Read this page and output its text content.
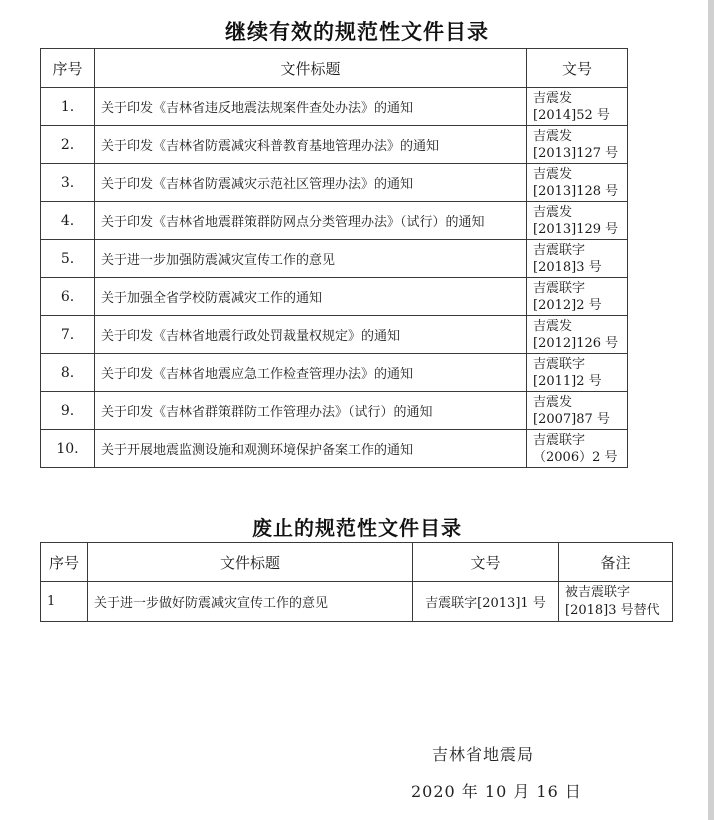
继续有效的规范性文件目录
序号	文件标题	文号
1.	关于印发《吉林省违反地震法规案件查处办法》的通知	吉震发
[2014]52 号

2.	关于印发《吉林省防震减灾科普教育基地管理办法》的通知	吉震发
[2013]127 号

3.	关于印发《吉林省防震减灾示范社区管理办法》的通知	吉震发
[2013]128 号

4.	关于印发《吉林省地震群策群防网点分类管理办法》（试行）的通知	吉震发
[2013]129 号

5.	关于进一步加强防震减灾宣传工作的意见	吉震联字
[2018]3 号

6.	关于加强全省学校防震减灾工作的通知	吉震联字
[2012]2 号

7.	关于印发《吉林省地震行政处罚裁量权规定》的通知	吉震发
[2012]126 号

8.	关于印发《吉林省地震应急工作检查管理办法》的通知	吉震联字
[2011]2 号

9.	关于印发《吉林省群策群防工作管理办法》（试行）的通知	吉震发
[2007]87 号

10.	关于开展地震监测设施和观测环境保护备案工作的通知	吉震联字
（2006）2 号
废止的规范性文件目录
序号	文件标题	文号	备注
1	关于进一步做好防震减灾宣传工作的意见	吉震联字[2013]1 号	被吉震联字
[2018]3 号替代
吉林省地震局
2020 年 10 月 16 日
